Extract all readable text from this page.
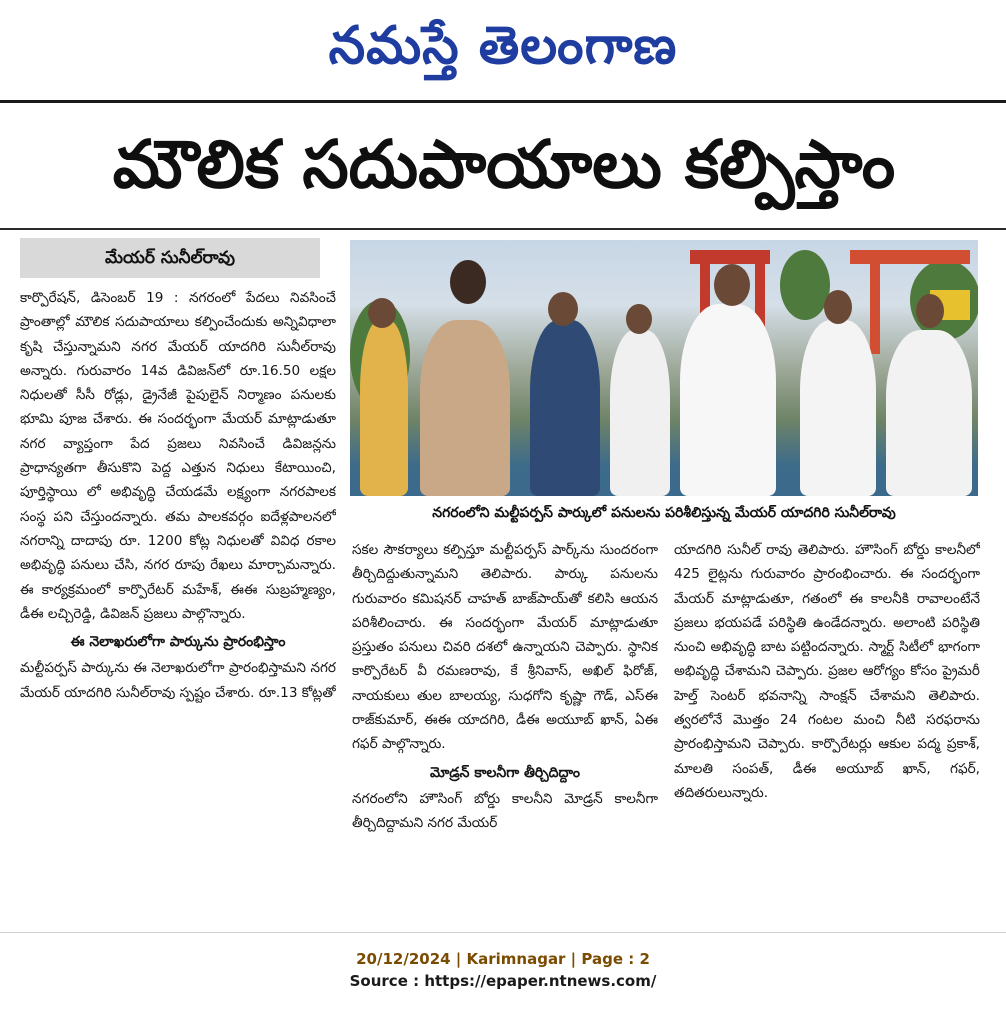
నమస్తే తెలంగాణ
మౌలిక సదుపాయాలు కల్పిస్తాం
మేయర్ సునీల్‌రావు

కార్పొరేషన్, డిసెంబర్ 19 : నగరంలో పేదలు నివసించే ప్రాంతాల్లో మౌలిక సదుపాయాలు కల్పించేందుకు అన్నివిధాలా కృషి చేస్తున్నామని నగర మేయర్ యాదగిరి సునీల్‌రావు అన్నారు. గురువారం 14వ డివిజన్‌లో రూ.16.50 లక్షల నిధులతో సీసీ రోడ్లు, డ్రైనేజీ పైపులైన్ నిర్మాణం పనులకు భూమి పూజ చేశారు. ఈ సందర్భంగా మేయర్ మాట్లాడుతూ నగర వ్యాప్తంగా పేద ప్రజలు నివసించే డివిజన్లను ప్రాధాన్యతగా తీసుకొని పెద్ద ఎత్తున నిధులు కేటాయించి, పూర్తిస్థాయి లో అభివృద్ధి చేయడమే లక్ష్యంగా నగరపాలక సంస్థ పని చేస్తుందన్నారు. తమ పాలకవర్గం ఐదేళ్లపాలనలో నగరాన్ని దాదాపు రూ. 1200 కోట్ల నిధులతో వివిధ రకాల అభివృద్ధి పనులు చేసి, నగర రూపు రేఖలు మార్చామన్నారు. ఈ కార్యక్రమంలో కార్పొరేటర్ మహేశ్, ఈఈ సుబ్రహ్మణ్యం, డీఈ లచ్చిరెడ్డి, డివిజన్ ప్రజలు పాల్గొన్నారు.

ఈ నెలాఖరులోగా పార్కును ప్రారంభిస్తాం

మల్టీపర్పస్ పార్కును ఈ నెలాఖరులోగా ప్రారంభిస్తామని నగర మేయర్ యాదగిరి సునీల్‌రావు స్పష్టం చేశారు. రూ.13 కోట్లతో

నగరంలోని మల్టీపర్పస్ పార్కులో పనులను పరిశీలిస్తున్న మేయర్ యాదగిరి సునీల్‌రావు

సకల సౌకర్యాలు కల్పిస్తూ మల్టీపర్పస్ పార్క్‌ను సుందరంగా తీర్చిదిద్దుతున్నామని తెలిపారు. పార్కు పనులను గురువారం కమిషనర్ చాహత్ బాజ్‌పాయ్‌తో కలిసి ఆయన పరిశీలించారు. ఈ సందర్భంగా మేయర్ మాట్లాడుతూ ప్రస్తుతం పనులు చివరి దశలో ఉన్నాయని చెప్పారు. స్థానిక కార్పొరేటర్ వీ రమణరావు, కే శ్రీనివాస్, అఖిల్ ఫిరోజ్, నాయకులు తుల బాలయ్య, సుధగోని కృష్ణా గౌడ్, ఎస్‌ఈ రాజ్‌కుమార్, ఈఈ యాదగిరి, డీఈ అయూబ్ ఖాన్, ఏఈ గఫర్ పాల్గొన్నారు.

మోడ్రన్ కాలనీగా తీర్చిదిద్దాం

నగరంలోని హౌసింగ్ బోర్డు కాలనీని మోడ్రన్ కాలనీగా తీర్చిదిద్దామని నగర మేయర్

యాదగిరి సునీల్ రావు తెలిపారు. హౌసింగ్ బోర్డు కాలనీలో 425 లైట్లను గురువారం ప్రారంభించారు. ఈ సందర్భంగా మేయర్ మాట్లాడుతూ, గతంలో ఈ కాలనీకి రావాలంటేనే ప్రజలు భయపడే పరిస్థితి ఉండేదన్నారు. అలాంటి పరిస్థితి నుంచి అభివృద్ధి బాట పట్టిందన్నారు. స్మార్ట్ సిటీలో భాగంగా అభివృద్ధి చేశామని చెప్పారు. ప్రజల ఆరోగ్యం కోసం ప్రైమరీ హెల్త్ సెంటర్ భవనాన్ని సాంక్షన్ చేశామని తెలిపారు. త్వరలోనే మొత్తం 24 గంటల మంచి నీటి సరఫరాను ప్రారంభిస్తామని చెప్పారు. కార్పొరేటర్లు ఆకుల పద్మ ప్రకాశ్, మాలతి సంపత్, డీఈ అయూబ్ ఖాన్, గఫర్, తదితరులున్నారు.

20/12/2024 | Karimnagar | Page : 2
Source : https://epaper.ntnews.com/
